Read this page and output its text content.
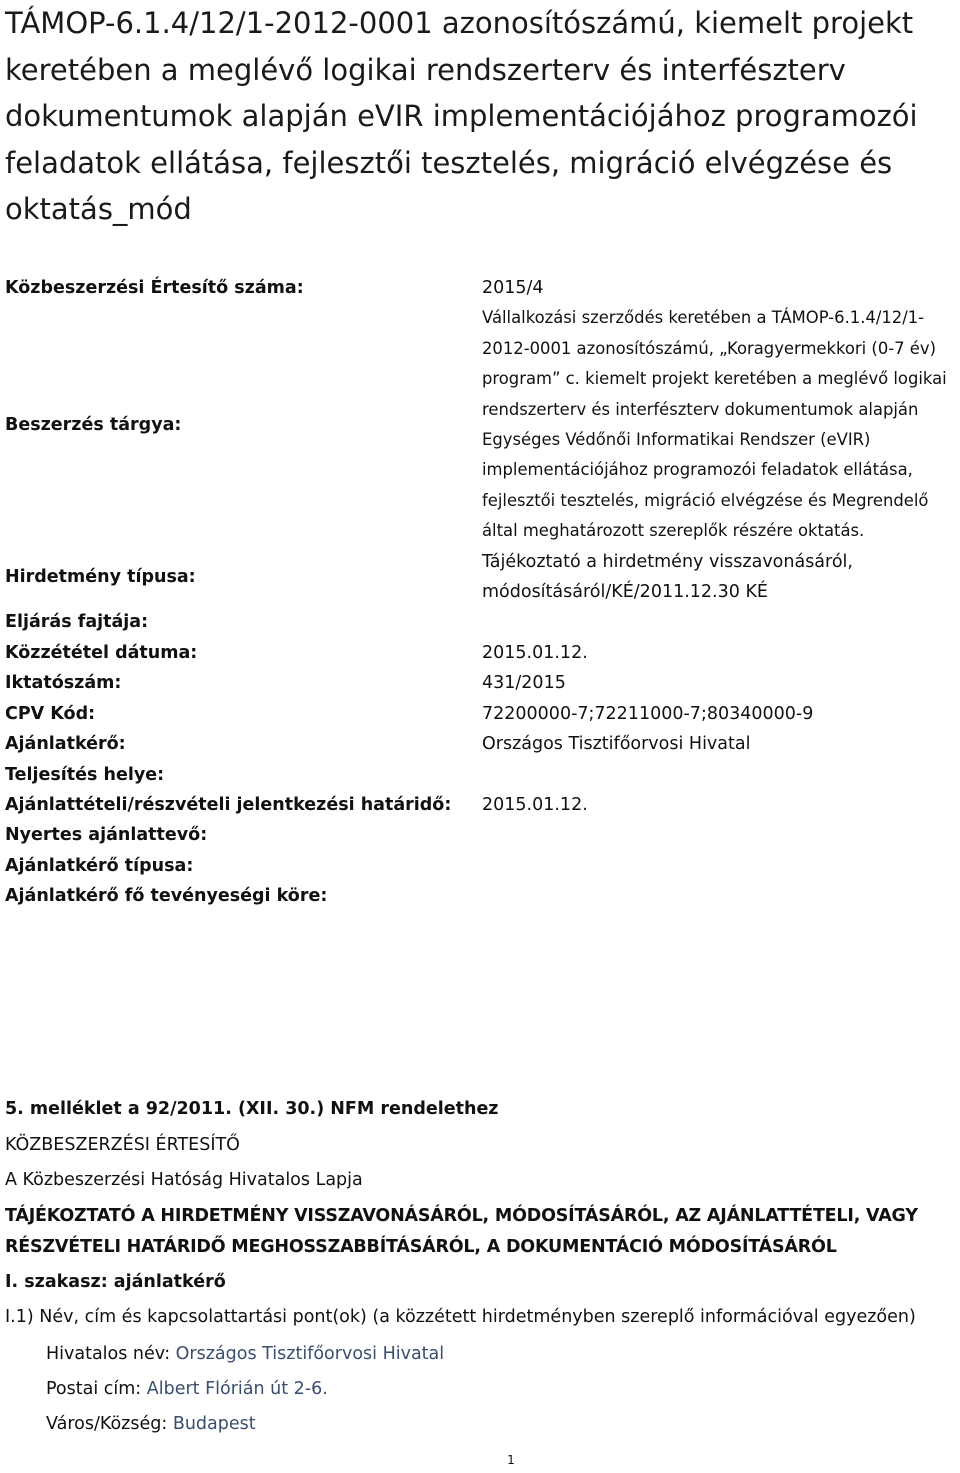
TÁMOP-6.1.4/12/1-2012-0001 azonosítószámú, kiemelt projekt keretében a meglévő logikai rendszerterv és interfészterv dokumentumok alapján eVIR implementációjához programozói feladatok ellátása, fejlesztői tesztelés, migráció elvégzése és oktatás_mód
Közbeszerzési Értesítő száma:	2015/4
Beszerzés tárgya:	Vállalkozási szerződés keretében a TÁMOP-6.1.4/12/1-2012-0001 azonosítószámú, „Koragyermekkori (0-7 év) program” c. kiemelt projekt keretében a meglévő logikai rendszerterv és interfészterv dokumentumok alapján Egységes Védőnői Informatikai Rendszer (eVIR) implementációjához programozói feladatok ellátása, fejlesztői tesztelés, migráció elvégzése és Megrendelő által meghatározott szereplők részére oktatás.
Hirdetmény típusa:	Tájékoztató a hirdetmény visszavonásáról, módosításáról/KÉ/2011.12.30 KÉ
Eljárás fajtája:	
Közzététel dátuma:	2015.01.12.
Iktatószám:	431/2015
CPV Kód:	72200000-7;72211000-7;80340000-9
Ajánlatkérő:	Országos Tisztifőorvosi Hivatal
Teljesítés helye:	
Ajánlattételi/részvételi jelentkezési határidő:	2015.01.12.
Nyertes ajánlattevő:	
Ajánlatkérő típusa:	
Ajánlatkérő fő tevényeségi köre:	
5. melléklet a 92/2011. (XII. 30.) NFM rendelethez
KÖZBESZERZÉSI ÉRTESÍTŐ
A Közbeszerzési Hatóság Hivatalos Lapja
TÁJÉKOZTATÓ A HIRDETMÉNY VISSZAVONÁSÁRÓL, MÓDOSÍTÁSÁRÓL, AZ AJÁNLATTÉTELI, VAGY RÉSZVÉTELI HATÁRIDŐ MEGHOSSZABBÍTÁSÁRÓL, A DOKUMENTÁCIÓ MÓDOSÍTÁSÁRÓL
I. szakasz: ajánlatkérő
I.1) Név, cím és kapcsolattartási pont(ok) (a közzétett hirdetményben szereplő információval egyezően)
Hivatalos név: Országos Tisztifőorvosi Hivatal
Postai cím: Albert Flórián út 2-6.
Város/Község: Budapest
1
